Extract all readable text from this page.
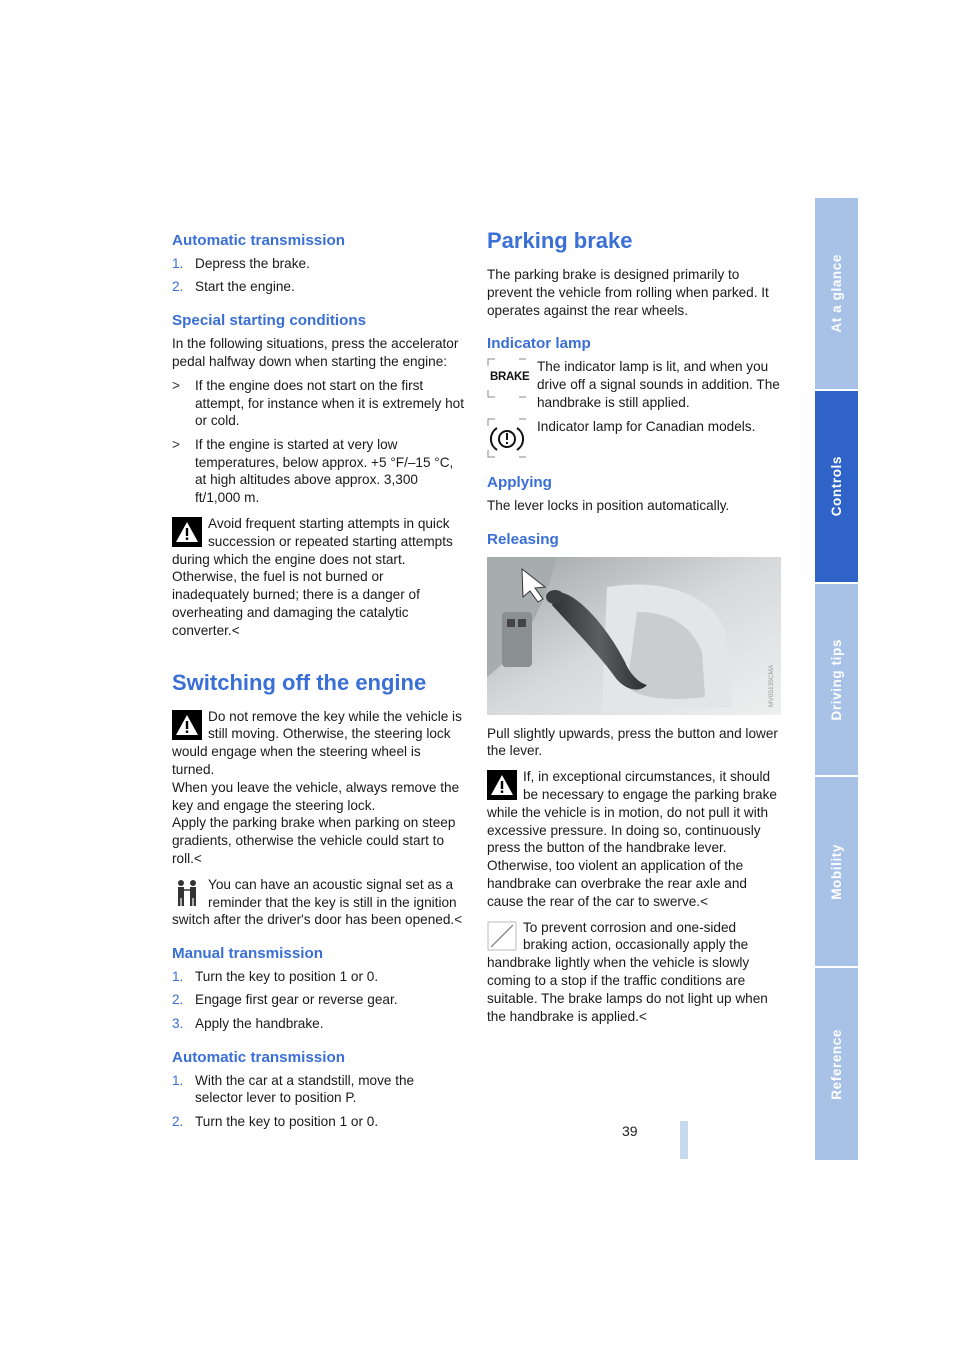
Automatic transmission
1. Depress the brake.
2. Start the engine.
Special starting conditions

In the following situations, press the accelerator pedal halfway down when starting the engine:

>	If the engine does not start on the first attempt, for instance when it is extremely hot or cold.
>	If the engine is started at very low temperatures, below approx. +5 °F/–15 °C, at high altitudes above approx. 3,300 ft/1,000 m.
Avoid frequent starting attempts in quick succession or repeated starting attempts during which the engine does not start. Otherwise, the fuel is not burned or inadequately burned; there is a danger of overheating and damaging the catalytic converter.<
Switching off the engine
Do not remove the key while the vehicle is still moving. Otherwise, the steering lock would engage when the steering wheel is turned.
When you leave the vehicle, always remove the key and engage the steering lock.
Apply the parking brake when parking on steep gradients, otherwise the vehicle could start to roll.<
You can have an acoustic signal set as a reminder that the key is still in the ignition switch after the driver's door has been opened.<
Manual transmission
1. Turn the key to position 1 or 0.
2. Engage first gear or reverse gear.
3. Apply the handbrake.
Automatic transmission
1. With the car at a standstill, move the selector lever to position P.
2. Turn the key to position 1 or 0.
Parking brake

The parking brake is designed primarily to prevent the vehicle from rolling when parked. It operates against the rear wheels.

Indicator lamp
BRAKE
The indicator lamp is lit, and when you drive off a signal sounds in addition. The handbrake is still applied.
Indicator lamp for Canadian models.
Applying

The lever locks in position automatically.

Releasing
MV05135CMA

Pull slightly upwards, press the button and lower the lever.

If, in exceptional circumstances, it should be necessary to engage the parking brake while the vehicle is in motion, do not pull it with excessive pressure. In doing so, continuously press the button of the handbrake lever. Otherwise, too violent an application of the handbrake can overbrake the rear axle and cause the rear of the car to swerve.<
To prevent corrosion and one-sided braking action, occasionally apply the handbrake lightly when the vehicle is slowly coming to a stop if the traffic conditions are suitable. The brake lamps do not light up when the handbrake is applied.<
At a glance
Controls
Driving tips
Mobility
Reference
39
